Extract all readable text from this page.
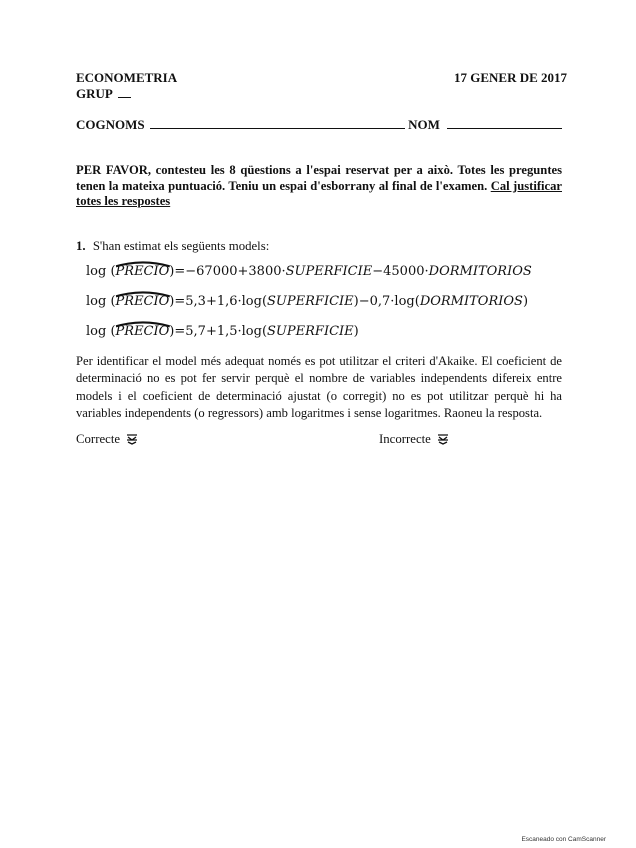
ECONOMETRIA	17 GENER DE 2017
GRUP
COGNOMS	NOM
PER FAVOR, contesteu les 8 qüestions a l'espai reservat per a això. Totes les preguntes tenen la mateixa puntuació. Teniu un espai d'esborrany al final de l'examen. Cal justificar totes les respostes
1. S'han estimat els següents models:
log (
PRECIO)=−67000+3800·SUPERFICIE−45000·DORMITORIOS
log (
PRECIO)=5,3+1,6·log(SUPERFICIE)−0,7·log(DORMITORIOS)
log (
PRECIO)=5,7+1,5·log(SUPERFICIE)
Per identificar el model més adequat només es pot utilitzar el criteri d'Akaike. El coeficient de determinació no es pot fer servir perquè el nombre de variables independents difereix entre models i el coeficient de determinació ajustat (o corregit) no es pot utilitzar perquè hi ha variables independents (o regressors) amb logaritmes i sense logaritmes. Raoneu la resposta.
Correcte	Incorrecte
Escaneado con CamScanner
